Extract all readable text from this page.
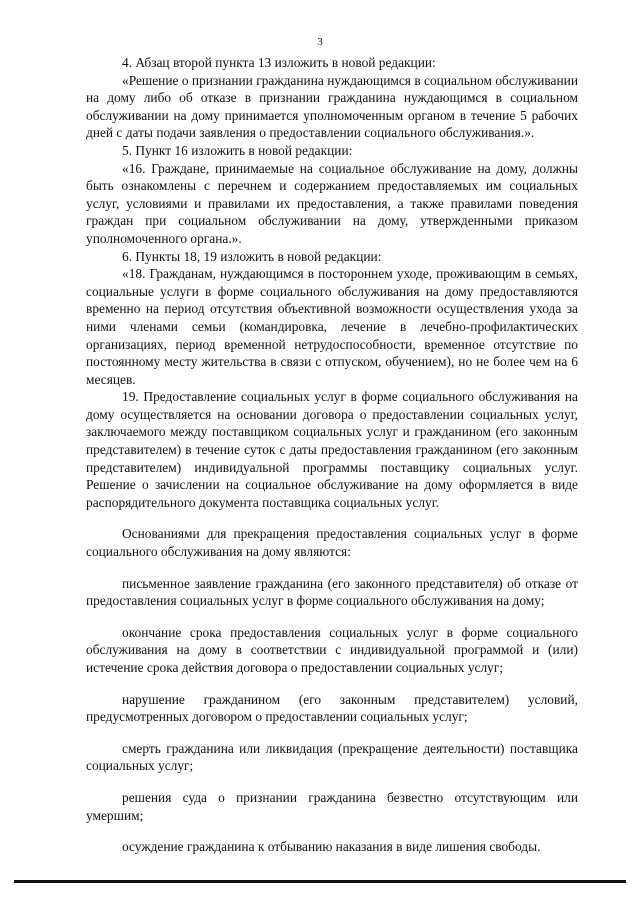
3

4. Абзац второй пункта 13 изложить в новой редакции:

«Решение о признании гражданина нуждающимся в социальном обслуживании на дому либо об отказе в признании гражданина нуждающимся в социальном обслуживании на дому принимается уполномоченным органом в течение 5 рабочих дней с даты подачи заявления о предоставлении социального обслуживания.».

5. Пункт 16 изложить в новой редакции:

«16. Граждане, принимаемые на социальное обслуживание на дому, должны быть ознакомлены с перечнем и содержанием предоставляемых им социальных услуг, условиями и правилами их предоставления, а также правилами поведения граждан при социальном обслуживании на дому, утвержденными приказом уполномоченного органа.».

6. Пункты 18, 19 изложить в новой редакции:

«18. Гражданам, нуждающимся в постороннем уходе, проживающим в семьях, социальные услуги в форме социального обслуживания на дому предоставляются временно на период отсутствия объективной возможности осуществления ухода за ними членами семьи (командировка, лечение в лечебно-профилактических организациях, период временной нетрудоспособности, временное отсутствие по постоянному месту жительства в связи с отпуском, обучением), но не более чем на 6 месяцев.

19. Предоставление социальных услуг в форме социального обслуживания на дому осуществляется на основании договора о предоставлении социальных услуг, заключаемого между поставщиком социальных услуг и гражданином (его законным представителем) в течение суток с даты предоставления гражданином (его законным представителем) индивидуальной программы поставщику социальных услуг. Решение о зачислении на социальное обслуживание на дому оформляется в виде распорядительного документа поставщика социальных услуг.

Основаниями для прекращения предоставления социальных услуг в форме социального обслуживания на дому являются:

письменное заявление гражданина (его законного представителя) об отказе от предоставления социальных услуг в форме социального обслуживания на дому;

окончание срока предоставления социальных услуг в форме социального обслуживания на дому в соответствии с индивидуальной программой и (или) истечение срока действия договора о предоставлении социальных услуг;

нарушение гражданином (его законным представителем) условий, предусмотренных договором о предоставлении социальных услуг;

смерть гражданина или ликвидация (прекращение деятельности) поставщика социальных услуг;

решения суда о признании гражданина безвестно отсутствующим или умершим;

осуждение гражданина к отбыванию наказания в виде лишения свободы.
